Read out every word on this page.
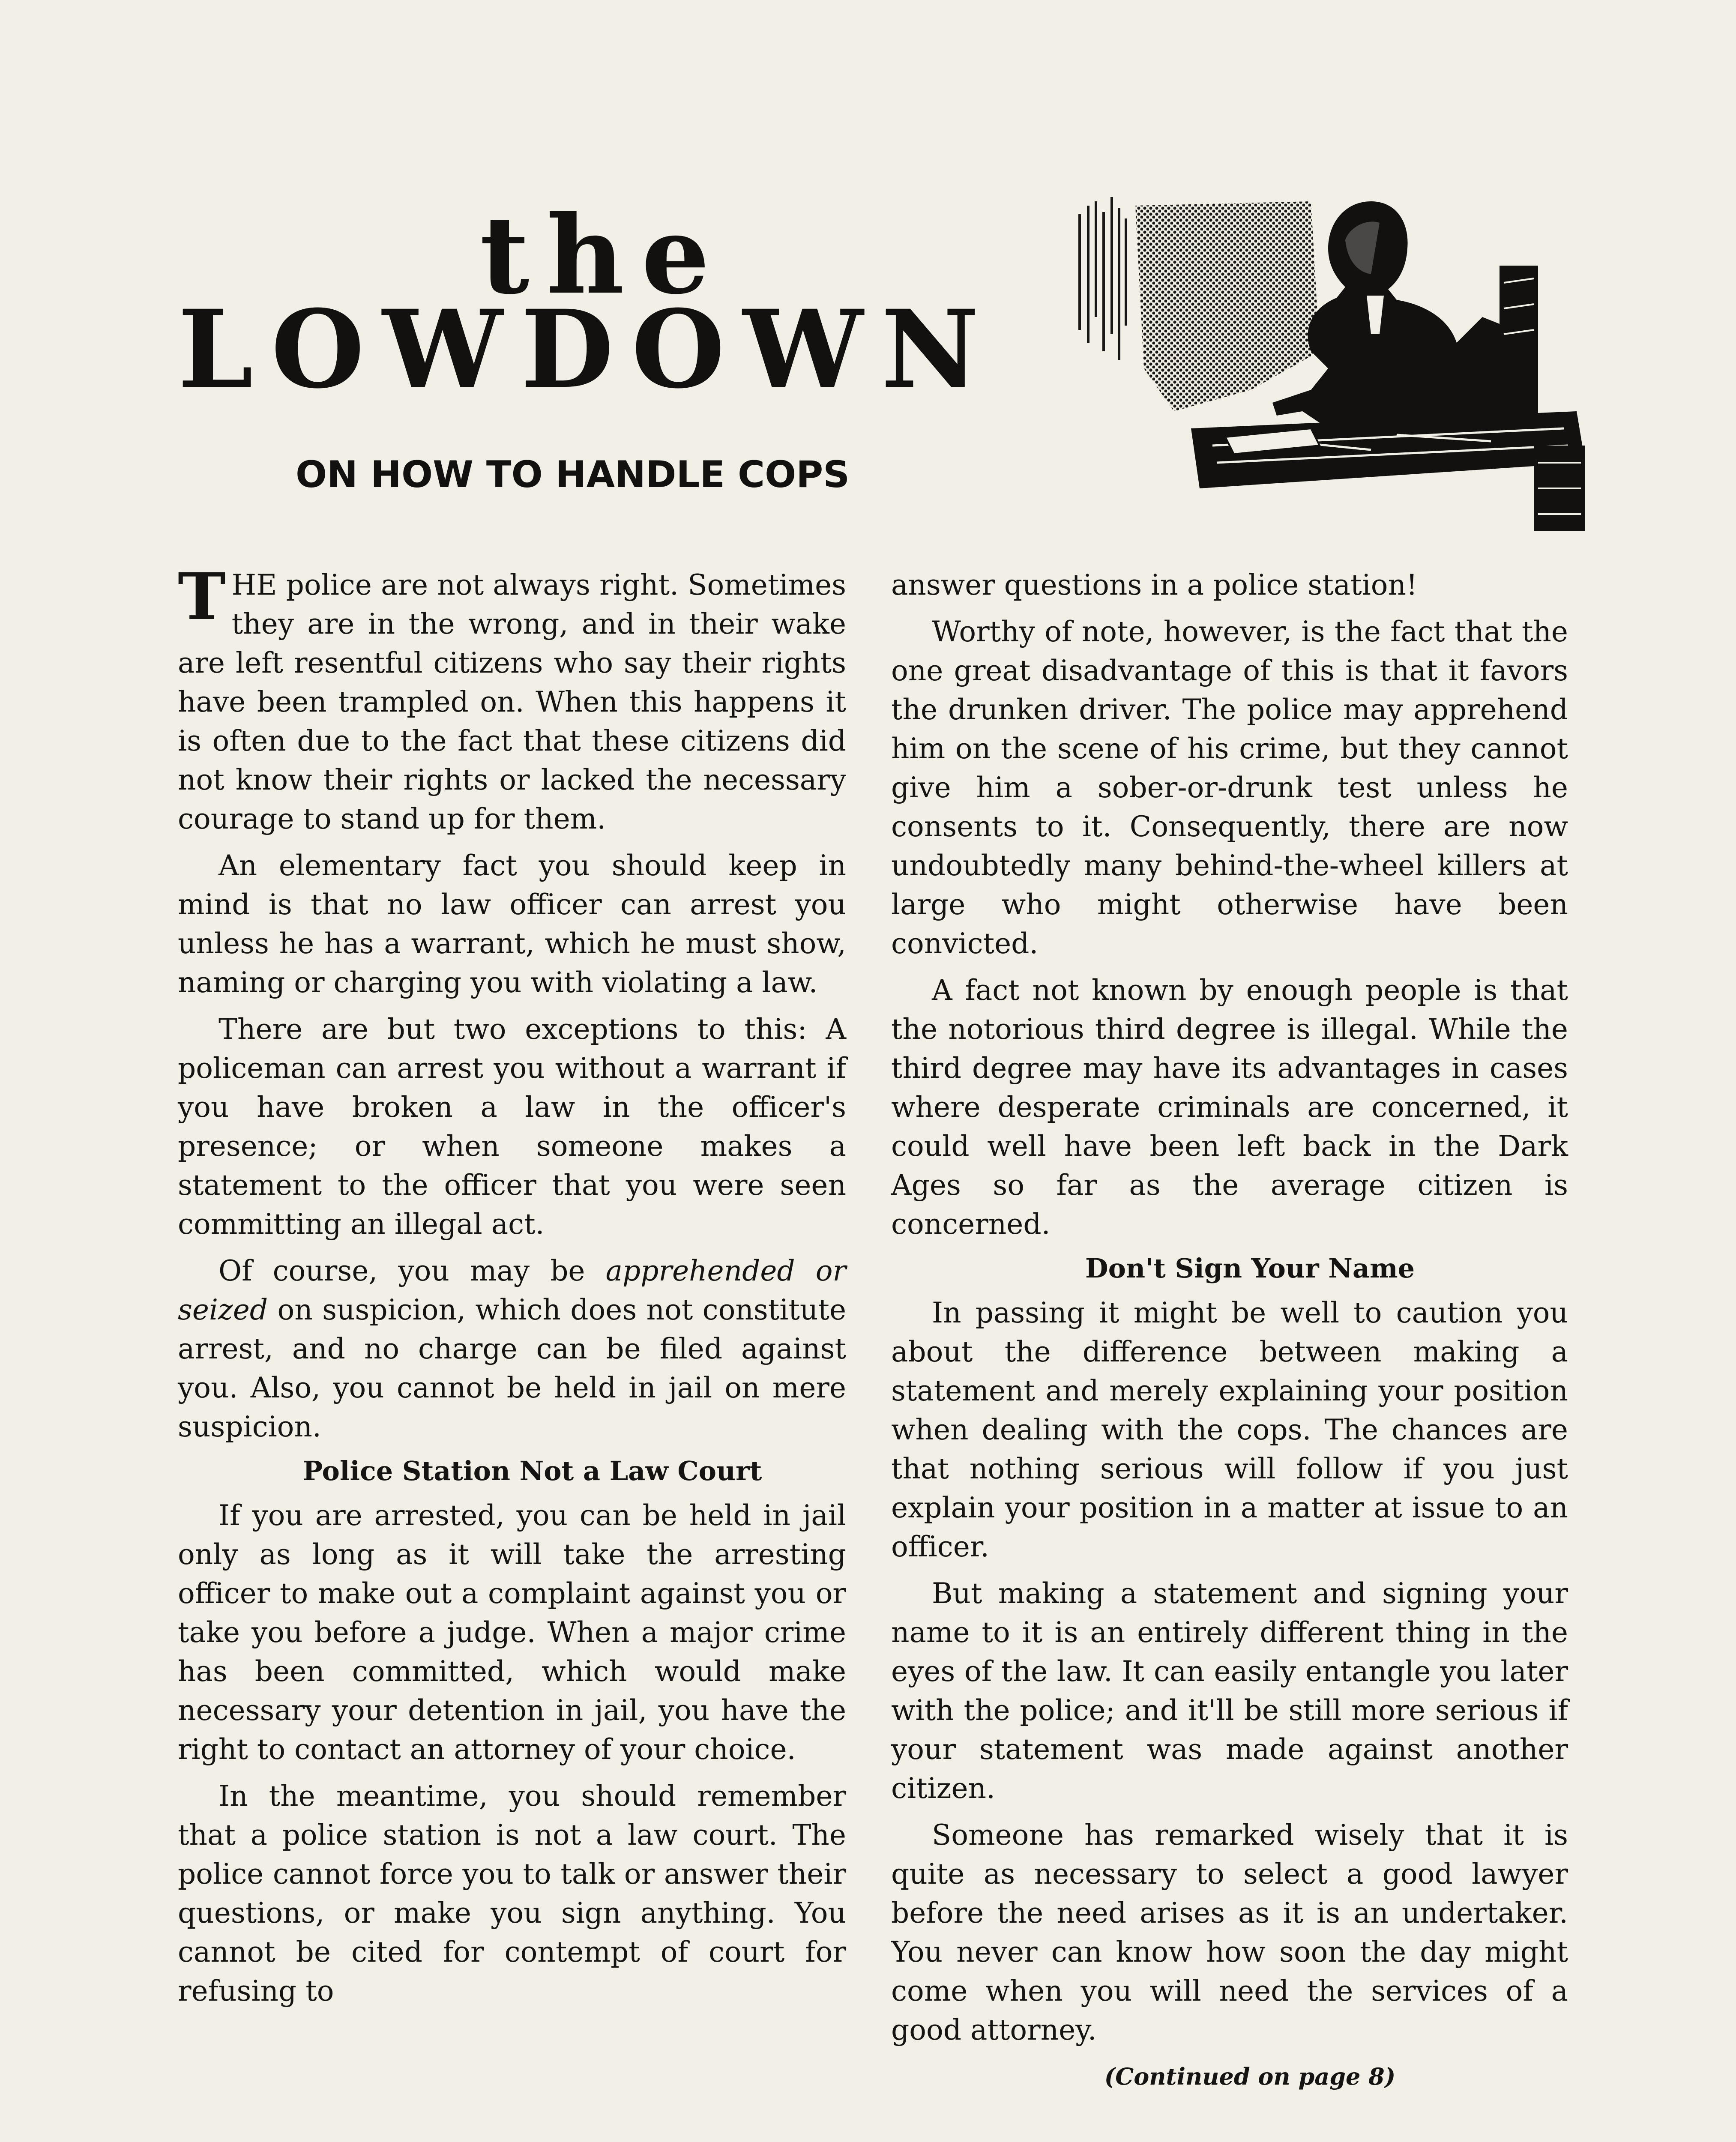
the
LOWDOWN
ON HOW TO HANDLE COPS

THE police are not always right. Sometimes they are in the wrong, and in their wake are left resentful citizens who say their rights have been trampled on. When this happens it is often due to the fact that these citizens did not know their rights or lacked the necessary courage to stand up for them.

An elementary fact you should keep in mind is that no law officer can arrest you unless he has a warrant, which he must show, naming or charging you with violating a law.

There are but two exceptions to this: A policeman can arrest you without a warrant if you have broken a law in the officer's presence; or when someone makes a statement to the officer that you were seen committing an illegal act.

Of course, you may be apprehended or seized on suspicion, which does not constitute arrest, and no charge can be filed against you. Also, you cannot be held in jail on mere suspicion.

Police Station Not a Law Court

If you are arrested, you can be held in jail only as long as it will take the arresting officer to make out a complaint against you or take you before a judge. When a major crime has been committed, which would make necessary your detention in jail, you have the right to contact an attorney of your choice.

In the meantime, you should remember that a police station is not a law court. The police cannot force you to talk or answer their questions, or make you sign anything. You cannot be cited for contempt of court for refusing to

answer questions in a police station!

Worthy of note, however, is the fact that the one great disadvantage of this is that it favors the drunken driver. The police may apprehend him on the scene of his crime, but they cannot give him a sober-or-drunk test unless he consents to it. Consequently, there are now undoubtedly many behind-the-wheel killers at large who might otherwise have been convicted.

A fact not known by enough people is that the notorious third degree is illegal. While the third degree may have its advantages in cases where desperate criminals are concerned, it could well have been left back in the Dark Ages so far as the average citizen is concerned.

Don't Sign Your Name

In passing it might be well to caution you about the difference between making a statement and merely explaining your position when dealing with the cops. The chances are that nothing serious will follow if you just explain your position in a matter at issue to an officer.

But making a statement and signing your name to it is an entirely different thing in the eyes of the law. It can easily entangle you later with the police; and it'll be still more serious if your statement was made against another citizen.

Someone has remarked wisely that it is quite as necessary to select a good lawyer before the need arises as it is an undertaker. You never can know how soon the day might come when you will need the services of a good attorney.

(Continued on page 8)
